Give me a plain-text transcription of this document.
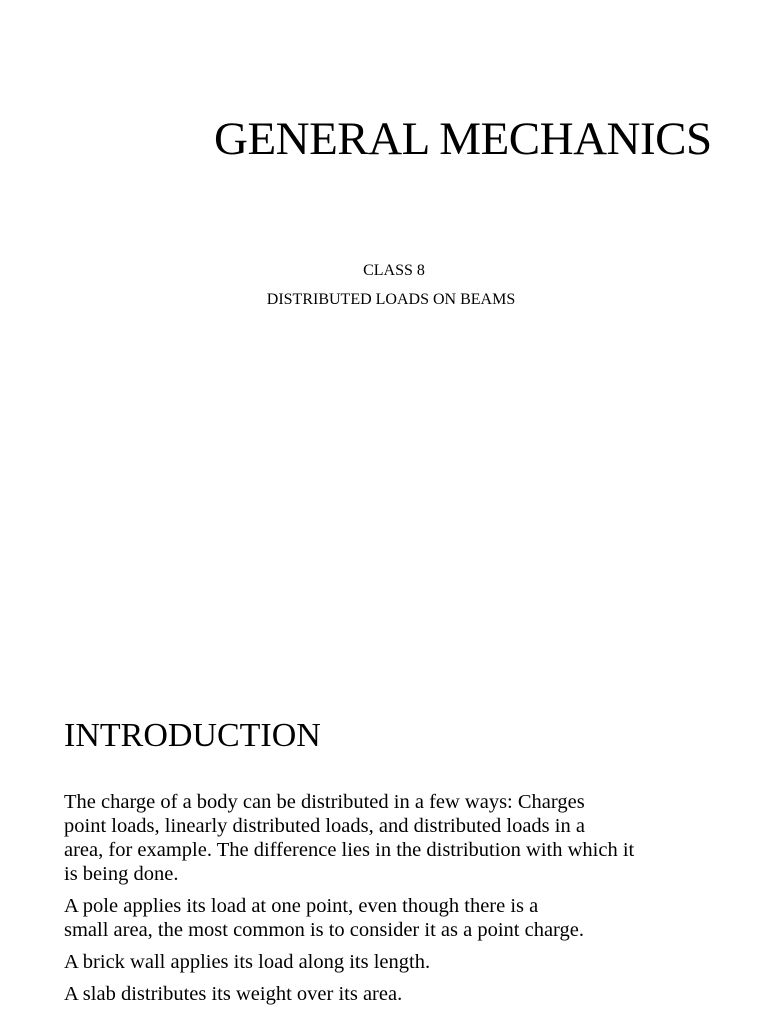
GENERAL MECHANICS
CLASS 8
DISTRIBUTED LOADS ON BEAMS
INTRODUCTION

The charge of a body can be distributed in a few ways: Charges
point loads, linearly distributed loads, and distributed loads in a
area, for example. The difference lies in the distribution with which it
is being done.

A pole applies its load at one point, even though there is a
small area, the most common is to consider it as a point charge.

A brick wall applies its load along its length.

A slab distributes its weight over its area.
